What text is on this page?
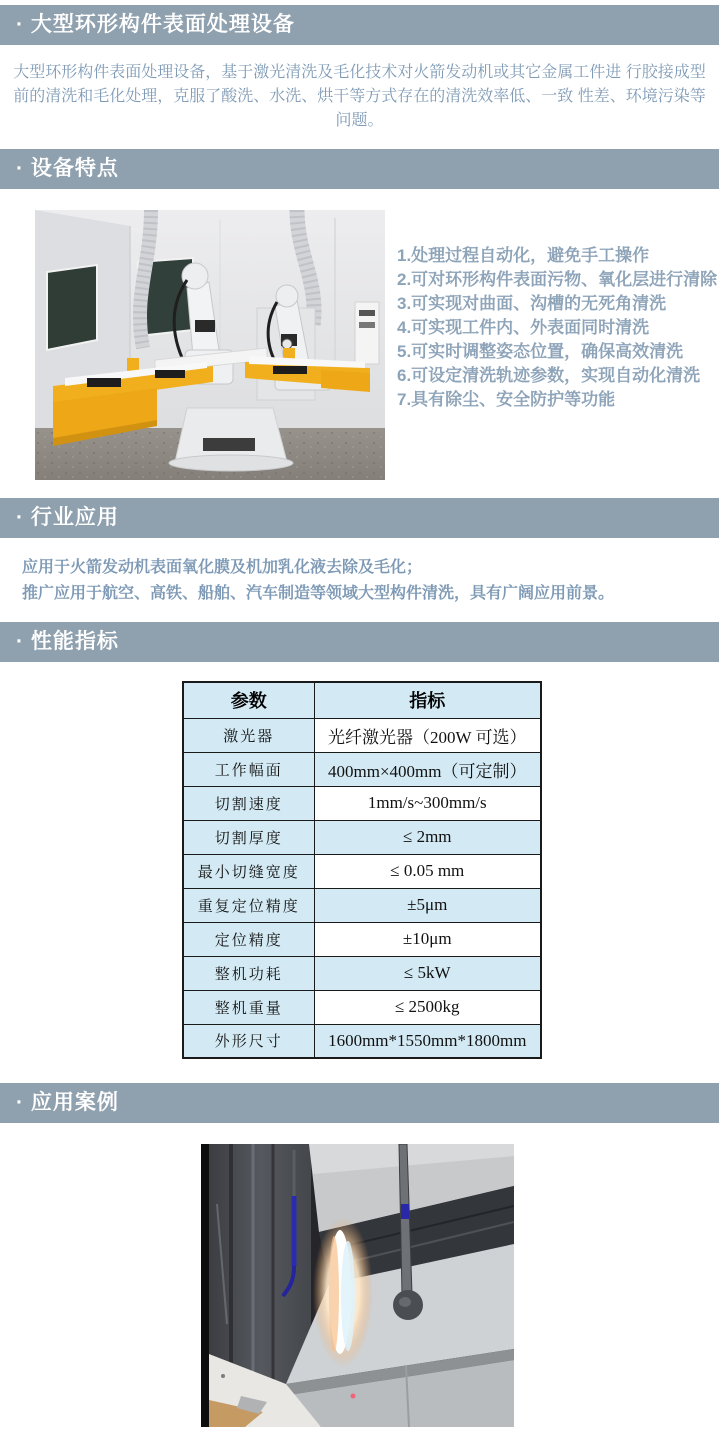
· 大型环形构件表面处理设备
大型环形构件表面处理设备，基于激光清洗及毛化技术对火箭发动机或其它金属工件进 行胶接成型前的清洗和毛化处理，克服了酸洗、水洗、烘干等方式存在的清洗效率低、一致 性差、环境污染等问题。
· 设备特点
1.处理过程自动化，避免手工操作
2.可对环形构件表面污物、氧化层进行清除
3.可实现对曲面、沟槽的无死角清洗
4.可实现工件内、外表面同时清洗
5.可实时调整姿态位置，确保高效清洗
6.可设定清洗轨迹参数，实现自动化清洗
7.具有除尘、安全防护等功能
· 行业应用
应用于火箭发动机表面氧化膜及机加乳化液去除及毛化；
推广应用于航空、高铁、船舶、汽车制造等领域大型构件清洗，具有广阔应用前景。
· 性能指标
参数	指标
激光器	光纤激光器（200W 可选）
工作幅面	400mm×400mm（可定制）
切割速度	1mm/s~300mm/s
切割厚度	≤ 2mm
最小切缝宽度	≤ 0.05 mm
重复定位精度	±5μm
定位精度	±10μm
整机功耗	≤ 5kW
整机重量	≤ 2500kg
外形尺寸	1600mm*1550mm*1800mm
· 应用案例
